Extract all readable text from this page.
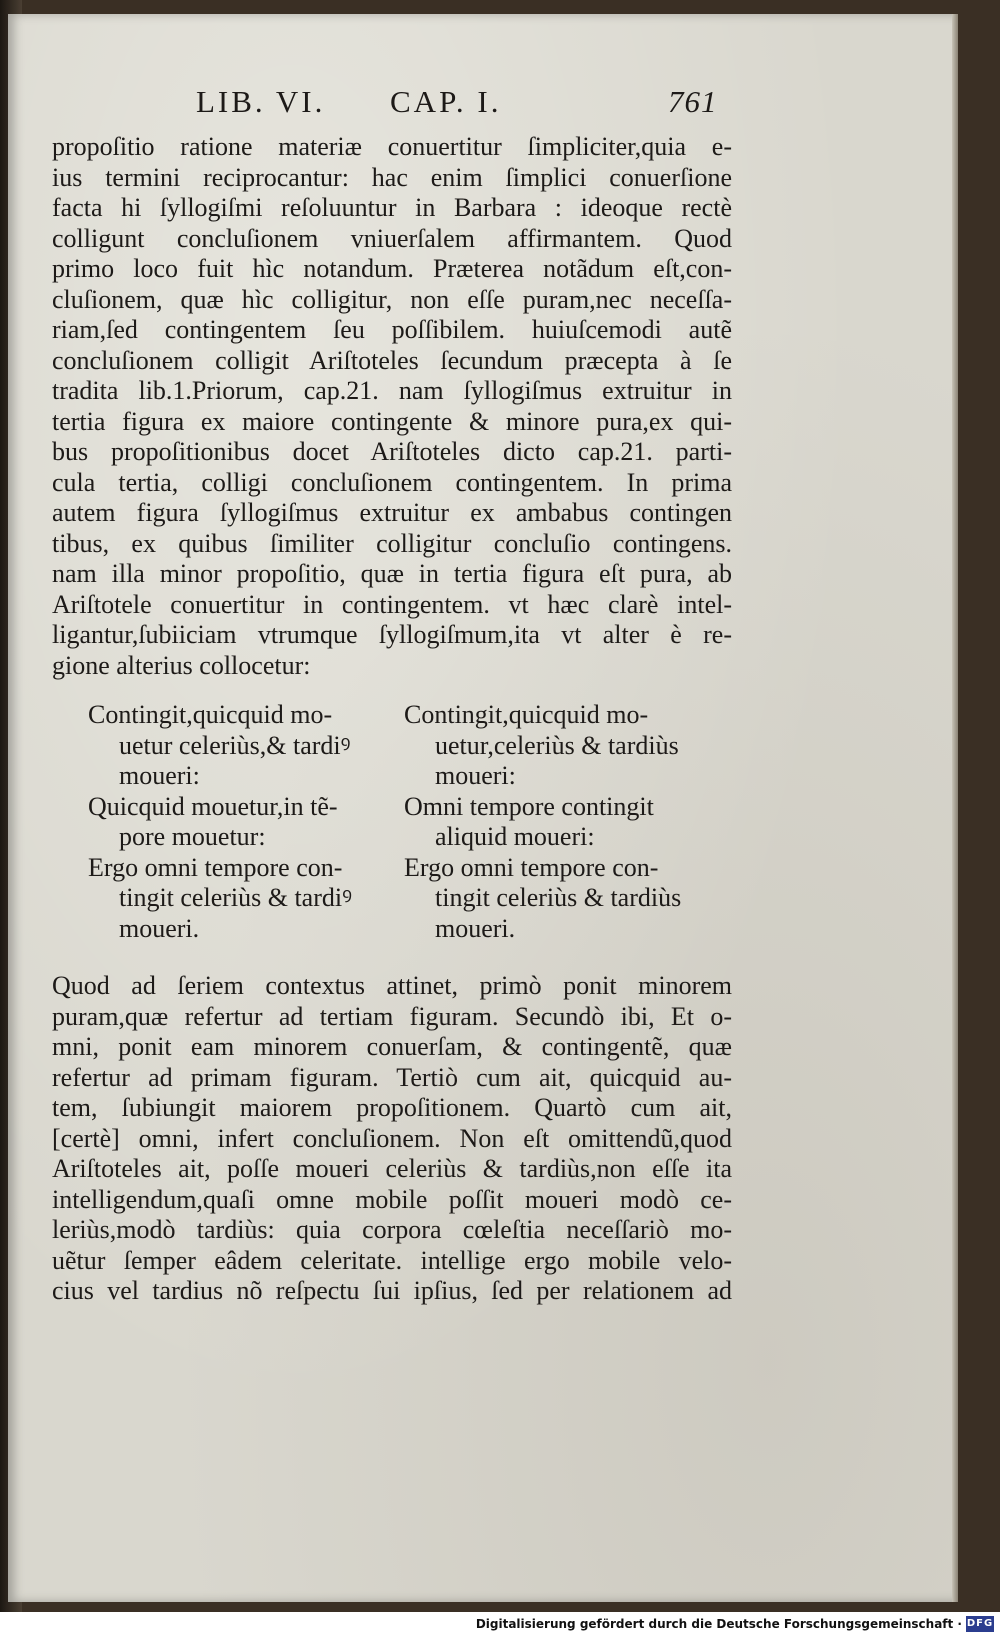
LIB. VI. CAP. I.	761
propoſitio ratione materiæ conuertitur ſimpliciter,quia e-
ius termini reciprocantur: hac enim ſimplici conuerſione
facta hi ſyllogiſmi reſoluuntur in Barbara : ideoque rectè
colligunt concluſionem vniuerſalem affirmantem. Quod
primo loco fuit hìc notandum. Præterea notãdum eſt,con-
cluſionem, quæ hìc colligitur, non eſſe puram,nec neceſſa-
riam,ſed contingentem ſeu poſſibilem. huiuſcemodi autẽ
concluſionem colligit Ariſtoteles ſecundum præcepta à ſe
tradita lib.1.Priorum, cap.21. nam ſyllogiſmus extruitur in
tertia figura ex maiore contingente & minore pura,ex qui-
bus propoſitionibus docet Ariſtoteles dicto cap.21. parti-
cula tertia, colligi concluſionem contingentem. In prima
autem figura ſyllogiſmus extruitur ex ambabus contingen
tibus, ex quibus ſimiliter colligitur concluſio contingens.
nam illa minor propoſitio, quæ in tertia figura eſt pura, ab
Ariſtotele conuertitur in contingentem. vt hæc clarè intel-
ligantur,ſubiiciam vtrumque ſyllogiſmum,ita vt alter è re-
gione alterius collocetur:
Contingit,quicquid mo-
uetur celeriùs,& tardiꝰ
moueri:
Quicquid mouetur,in tẽ-
pore mouetur:
Ergo omni tempore con-
tingit celeriùs & tardiꝰ
moueri.
Contingit,quicquid mo-
uetur,celeriùs & tardiùs
moueri:
Omni tempore contingit
aliquid moueri:
Ergo omni tempore con-
tingit celeriùs & tardiùs
moueri.
Quod ad ſeriem contextus attinet, primò ponit minorem
puram,quæ refertur ad tertiam figuram. Secundò ibi, Et o-
mni, ponit eam minorem conuerſam, & contingentẽ, quæ
refertur ad primam figuram. Tertiò cum ait, quicquid au-
tem, ſubiungit maiorem propoſitionem. Quartò cum ait,
[certè] omni, infert concluſionem. Non eſt omittendũ,quod
Ariſtoteles ait, poſſe moueri celeriùs & tardiùs,non eſſe ita
intelligendum,quaſi omne mobile poſſit moueri modò ce-
leriùs,modò tardiùs: quia corpora cœleſtia neceſſariò mo-
uẽtur ſemper eâdem celeritate. intellige ergo mobile velo-
cius vel tardius nõ reſpectu ſui ipſius, ſed per relationem ad
Digitalisierung gefördert durch die Deutsche Forschungsgemeinschaft · DFG
